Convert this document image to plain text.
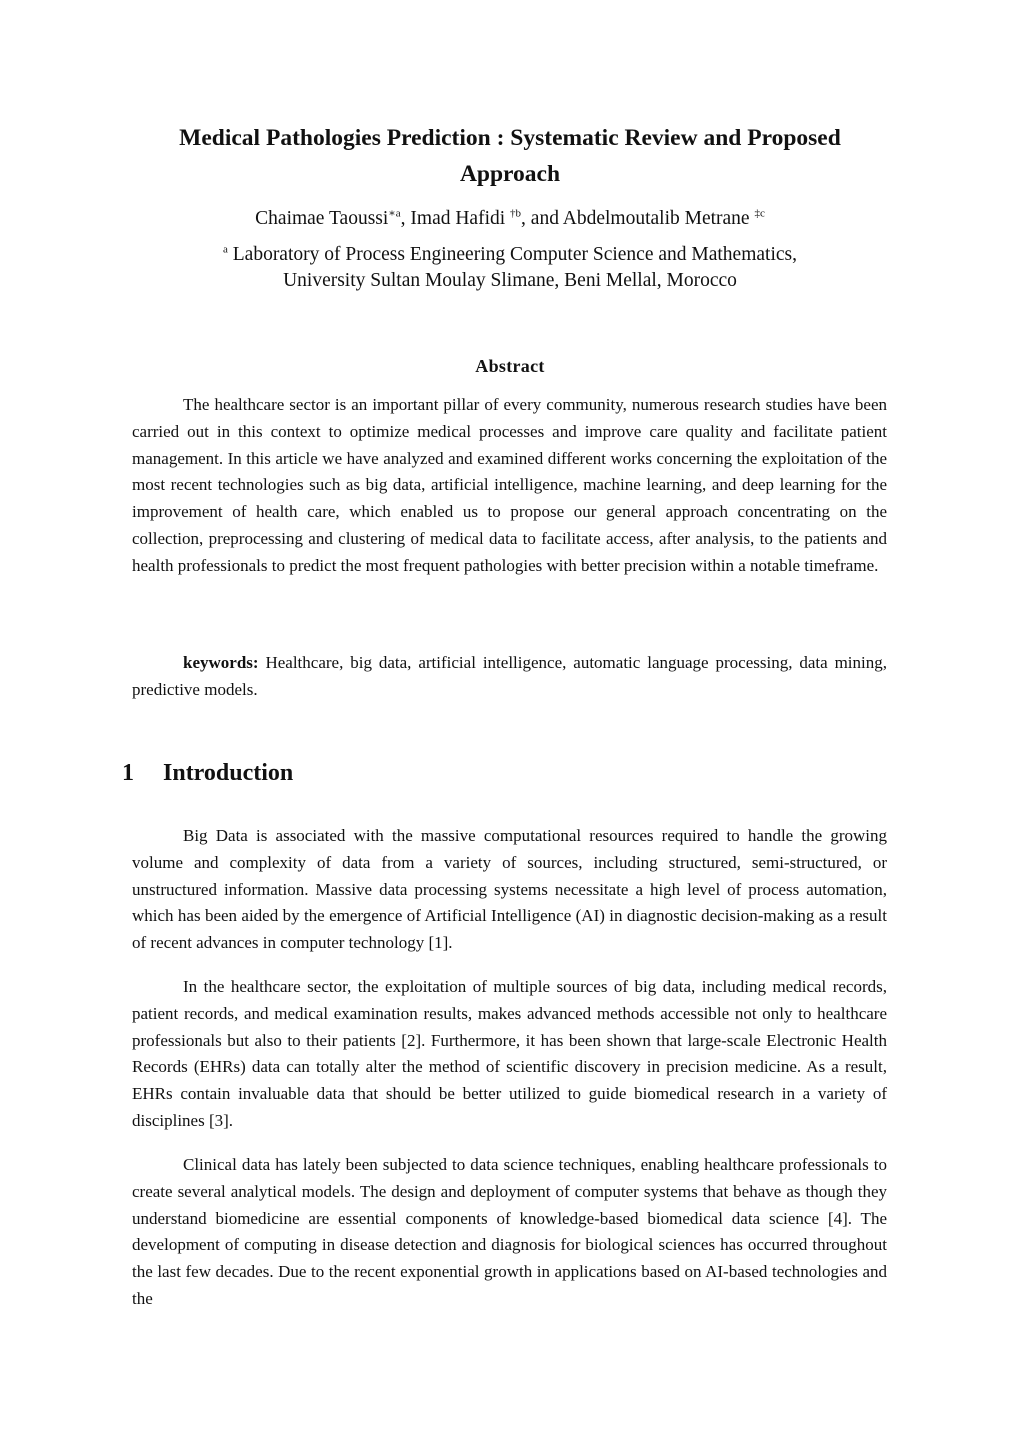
Medical Pathologies Prediction : Systematic Review and Proposed
Approach
Chaimae Taoussi$^{∗a}$, Imad Hafidi $^{\dagger b}$, and Abdelmoutalib Metrane $^{\ddagger c}$
$^a$ Laboratory of Process Engineering Computer Science and Mathematics,
University Sultan Moulay Slimane, Beni Mellal, Morocco
Abstract

The healthcare sector is an important pillar of every community, numerous research studies have been carried out in this context to optimize medical processes and improve care quality and facilitate patient management. In this article we have analyzed and examined different works concerning the exploitation of the most recent technologies such as big data, artificial intelligence, machine learning, and deep learning for the improvement of health care, which enabled us to propose our general approach concentrating on the collection, preprocessing and clustering of medical data to facilitate access, after analysis, to the patients and health professionals to predict the most frequent pathologies with better precision within a notable timeframe.

keywords: Healthcare, big data, artificial intelligence, automatic language processing, data mining, predictive models.

1 Introduction

Big Data is associated with the massive computational resources required to handle the growing volume and complexity of data from a variety of sources, including structured, semi-structured, or unstructured information. Massive data processing systems necessitate a high level of process automation, which has been aided by the emergence of Artificial Intelligence (AI) in diagnostic decision-making as a result of recent advances in computer technology [1].

In the healthcare sector, the exploitation of multiple sources of big data, including medical records, patient records, and medical examination results, makes advanced methods accessible not only to healthcare professionals but also to their patients [2]. Furthermore, it has been shown that large-scale Electronic Health Records (EHRs) data can totally alter the method of scientific discovery in precision medicine. As a result, EHRs contain invaluable data that should be better utilized to guide biomedical research in a variety of disciplines [3].

Clinical data has lately been subjected to data science techniques, enabling healthcare professionals to create several analytical models. The design and deployment of computer systems that behave as though they understand biomedicine are essential components of knowledge-based biomedical data science [4]. The development of computing in disease detection and diagnosis for biological sciences has occurred throughout the last few decades. Due to the recent exponential growth in applications based on AI-based technologies and the
